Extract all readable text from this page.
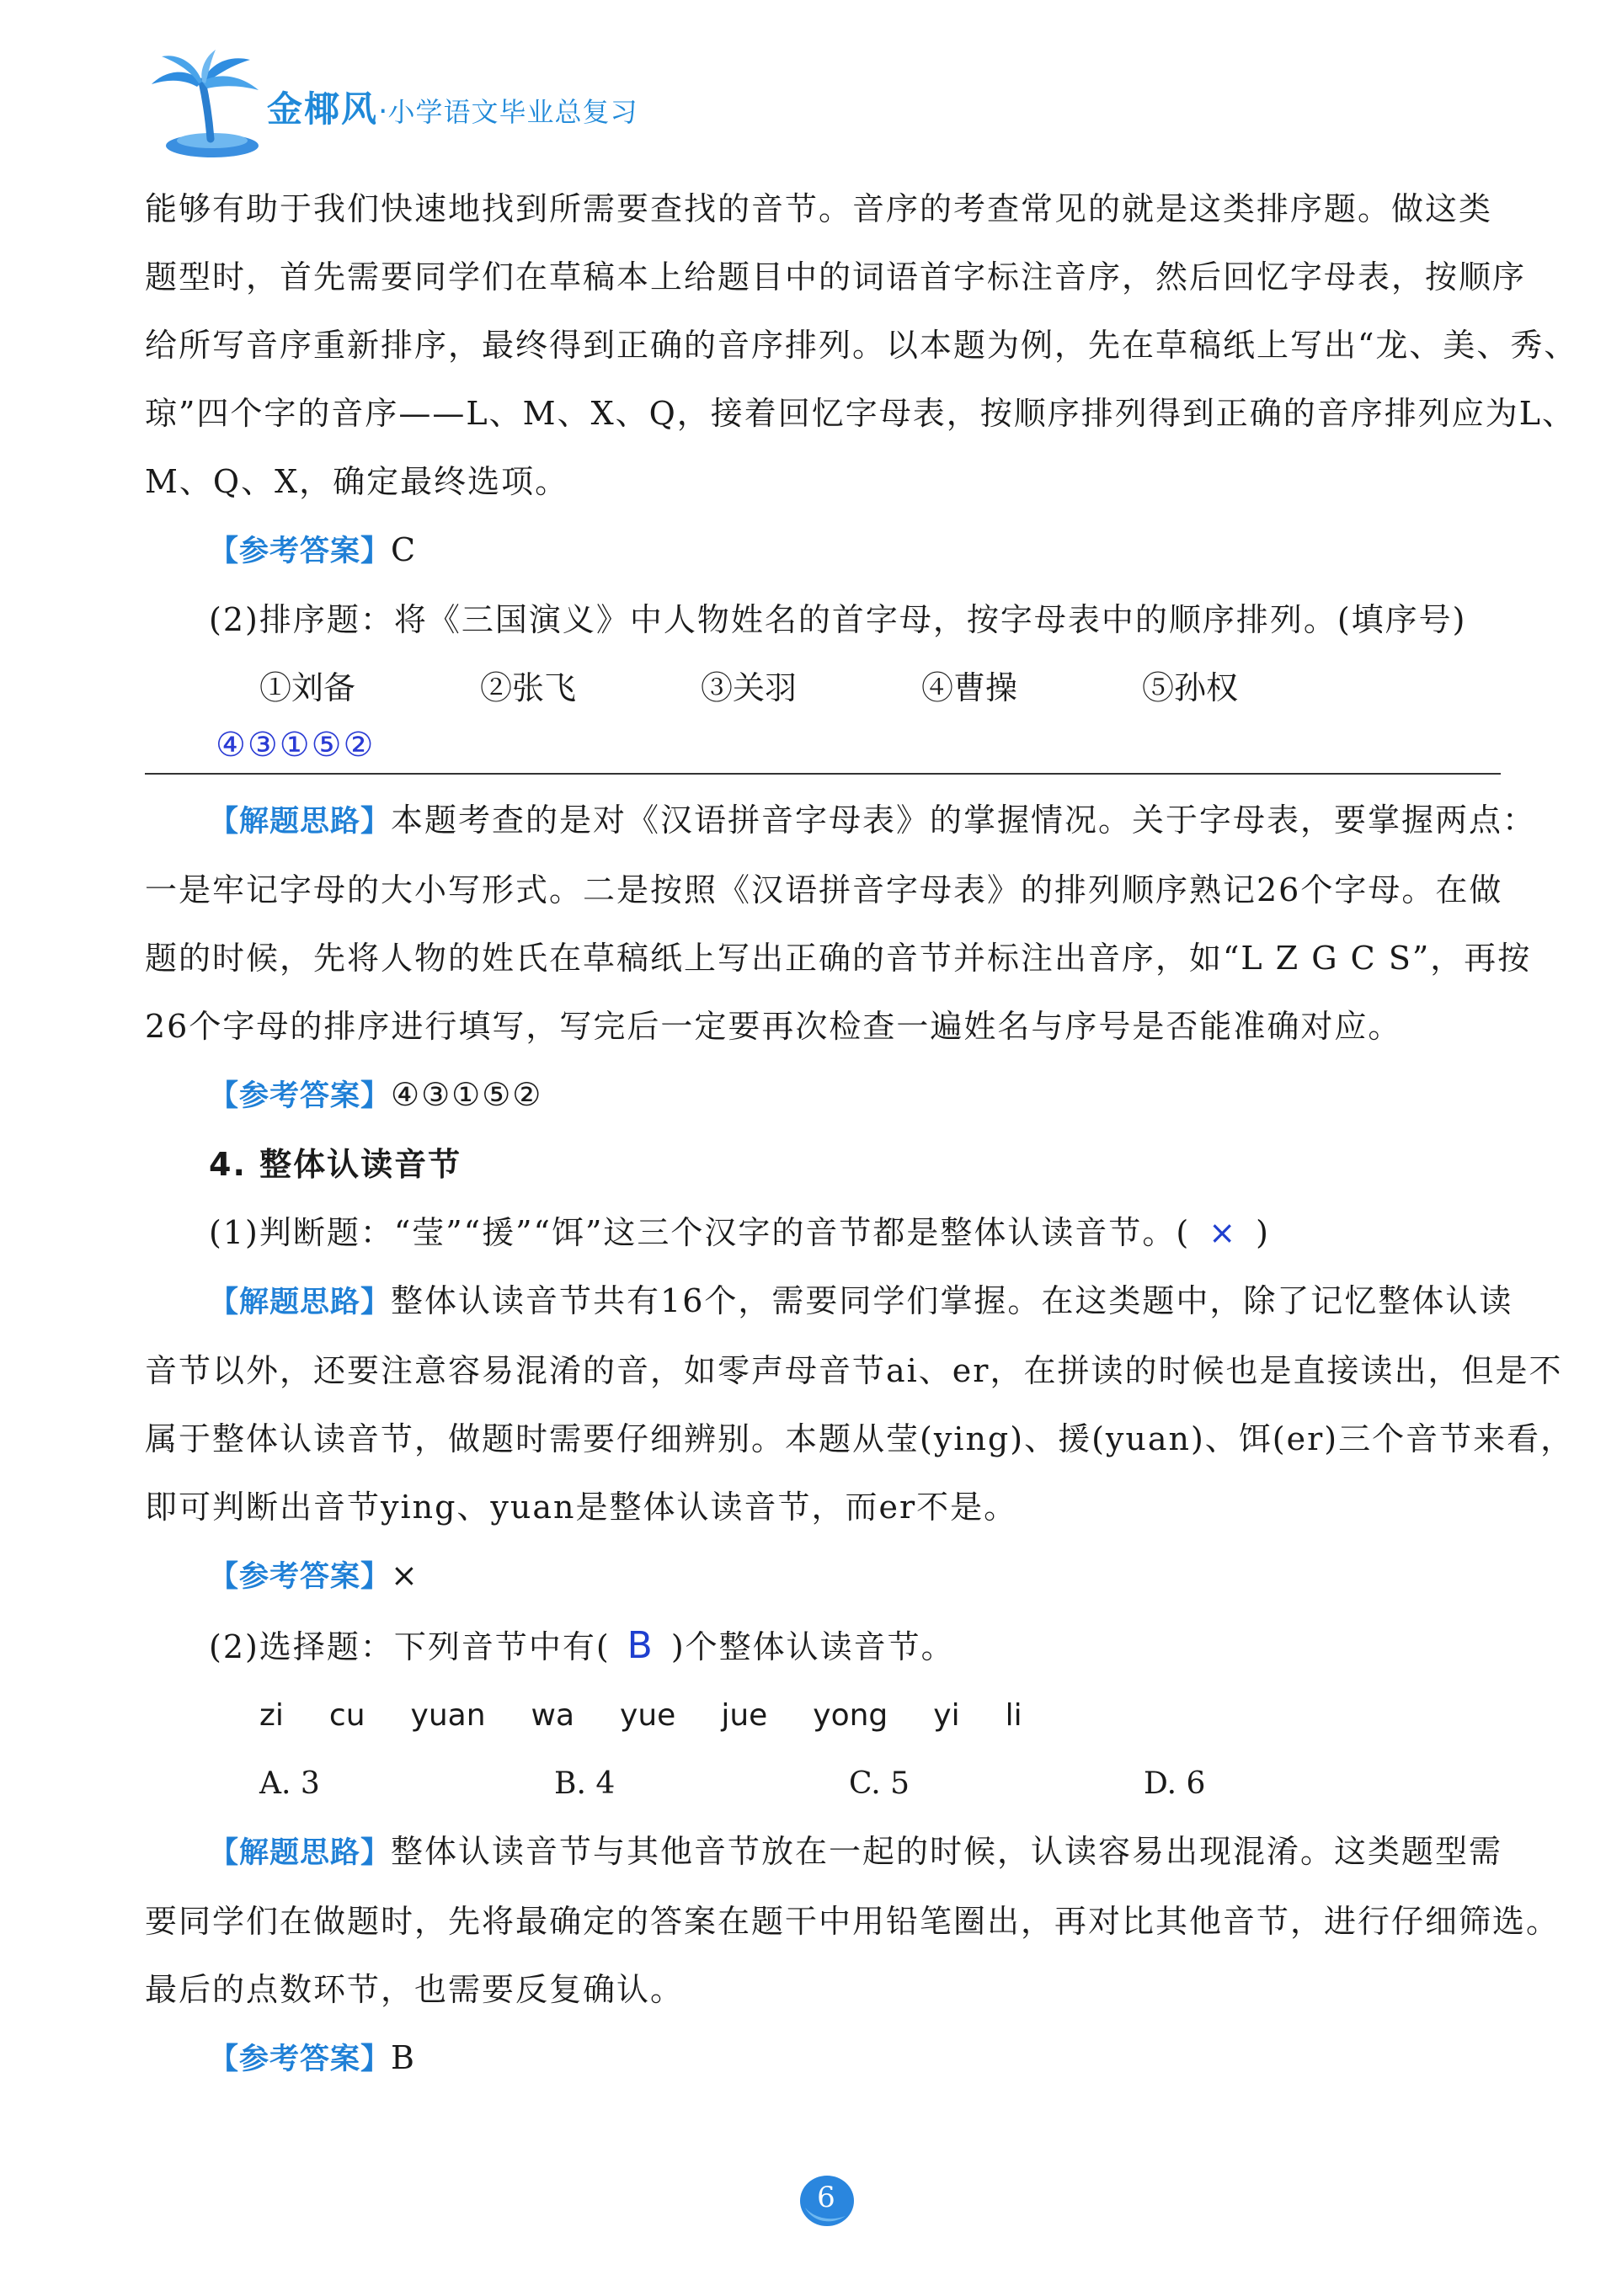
金椰风·小学语文毕业总复习

能够有助于我们快速地找到所需要查找的音节。音序的考查常见的就是这类排序题。做这类

题型时，首先需要同学们在草稿本上给题目中的词语首字标注音序，然后回忆字母表，按顺序

给所写音序重新排序，最终得到正确的音序排列。以本题为例，先在草稿纸上写出“龙、美、秀、

琼”四个字的音序——L、M、X、Q，接着回忆字母表，按顺序排列得到正确的音序排列应为L、

M、Q、X，确定最终选项。

【参考答案】C

(2)排序题：将《三国演义》中人物姓名的首字母，按字母表中的顺序排列。(填序号)

①刘备	②张飞	③关羽	④曹操	⑤孙权
④③①⑤②

【解题思路】本题考查的是对《汉语拼音字母表》的掌握情况。关于字母表，要掌握两点：

一是牢记字母的大小写形式。二是按照《汉语拼音字母表》的排列顺序熟记26个字母。在做

题的时候，先将人物的姓氏在草稿纸上写出正确的音节并标注出音序，如“L Z G C S”，再按

26个字母的排序进行填写，写完后一定要再次检查一遍姓名与序号是否能准确对应。

【参考答案】④③①⑤②

4. 整体认读音节

(1)判断题：“莹”“援”“饵”这三个汉字的音节都是整体认读音节。( × )

【解题思路】整体认读音节共有16个，需要同学们掌握。在这类题中，除了记忆整体认读

音节以外，还要注意容易混淆的音，如零声母音节ai、er，在拼读的时候也是直接读出，但是不

属于整体认读音节，做题时需要仔细辨别。本题从莹(ying)、援(yuan)、饵(er)三个音节来看，

即可判断出音节ying、yuan是整体认读音节，而er不是。

【参考答案】×

(2)选择题：下列音节中有( B )个整体认读音节。

zi cu yuan wa yue jue yong yi li
A. 3	B. 4	C. 5	D. 6

【解题思路】整体认读音节与其他音节放在一起的时候，认读容易出现混淆。这类题型需

要同学们在做题时，先将最确定的答案在题干中用铅笔圈出，再对比其他音节，进行仔细筛选。

最后的点数环节，也需要反复确认。

【参考答案】B

6
